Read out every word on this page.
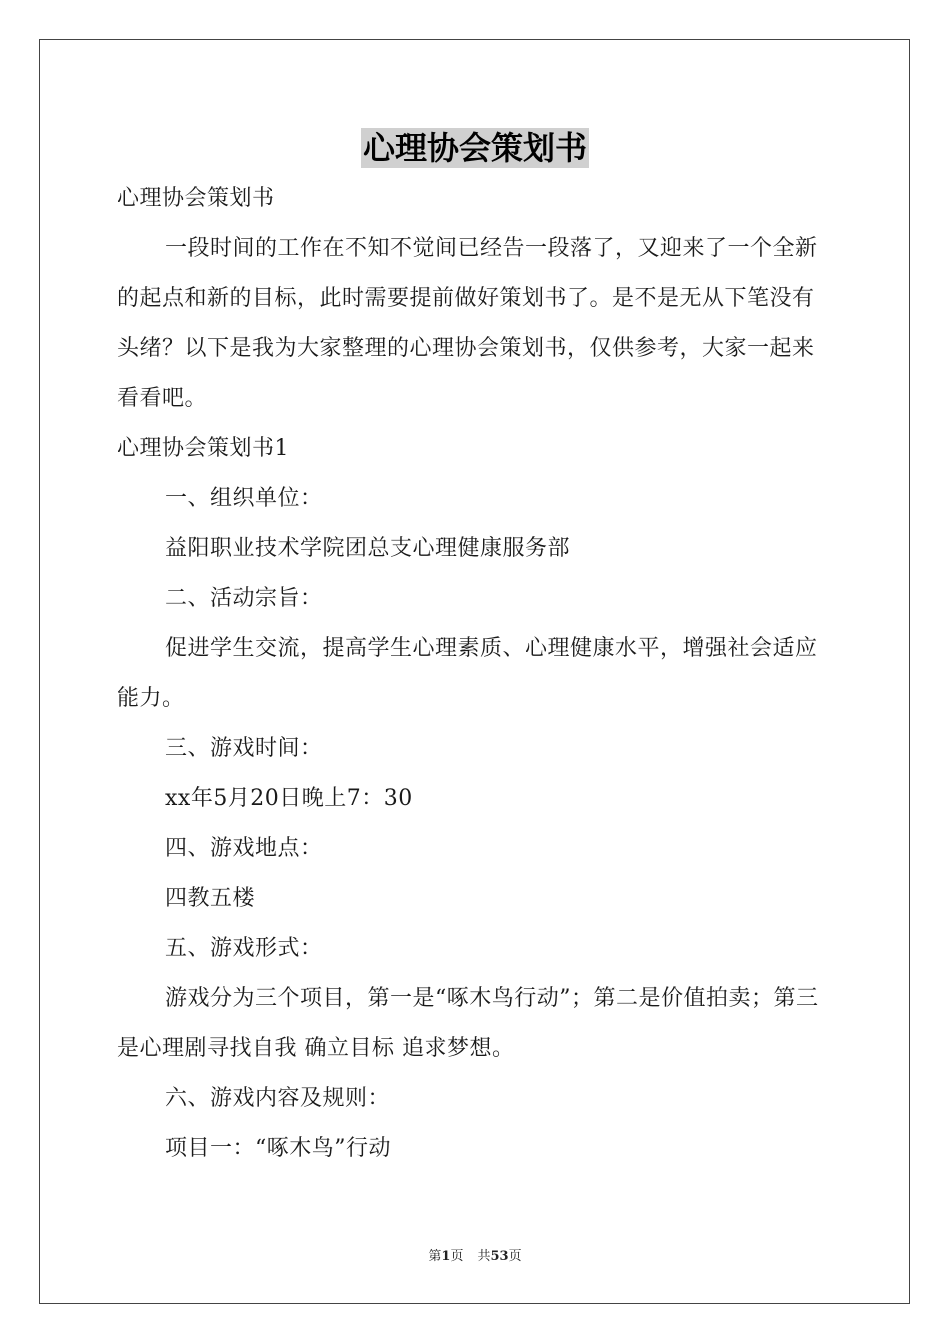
心理协会策划书

心理协会策划书

一段时间的工作在不知不觉间已经告一段落了，又迎来了一个全新的起点和新的目标，此时需要提前做好策划书了。是不是无从下笔没有头绪？以下是我为大家整理的心理协会策划书，仅供参考，大家一起来看看吧。

心理协会策划书1

一、组织单位：

益阳职业技术学院团总支心理健康服务部

二、活动宗旨：

促进学生交流，提高学生心理素质、心理健康水平，增强社会适应能力。

三、游戏时间：

xx年5月20日晚上7：30

四、游戏地点：

四教五楼

五、游戏形式：

游戏分为三个项目，第一是“啄木鸟行动”；第二是价值拍卖；第三是心理剧寻找自我 确立目标 追求梦想。

六、游戏内容及规则：

项目一：“啄木鸟”行动

第1页 共53页
